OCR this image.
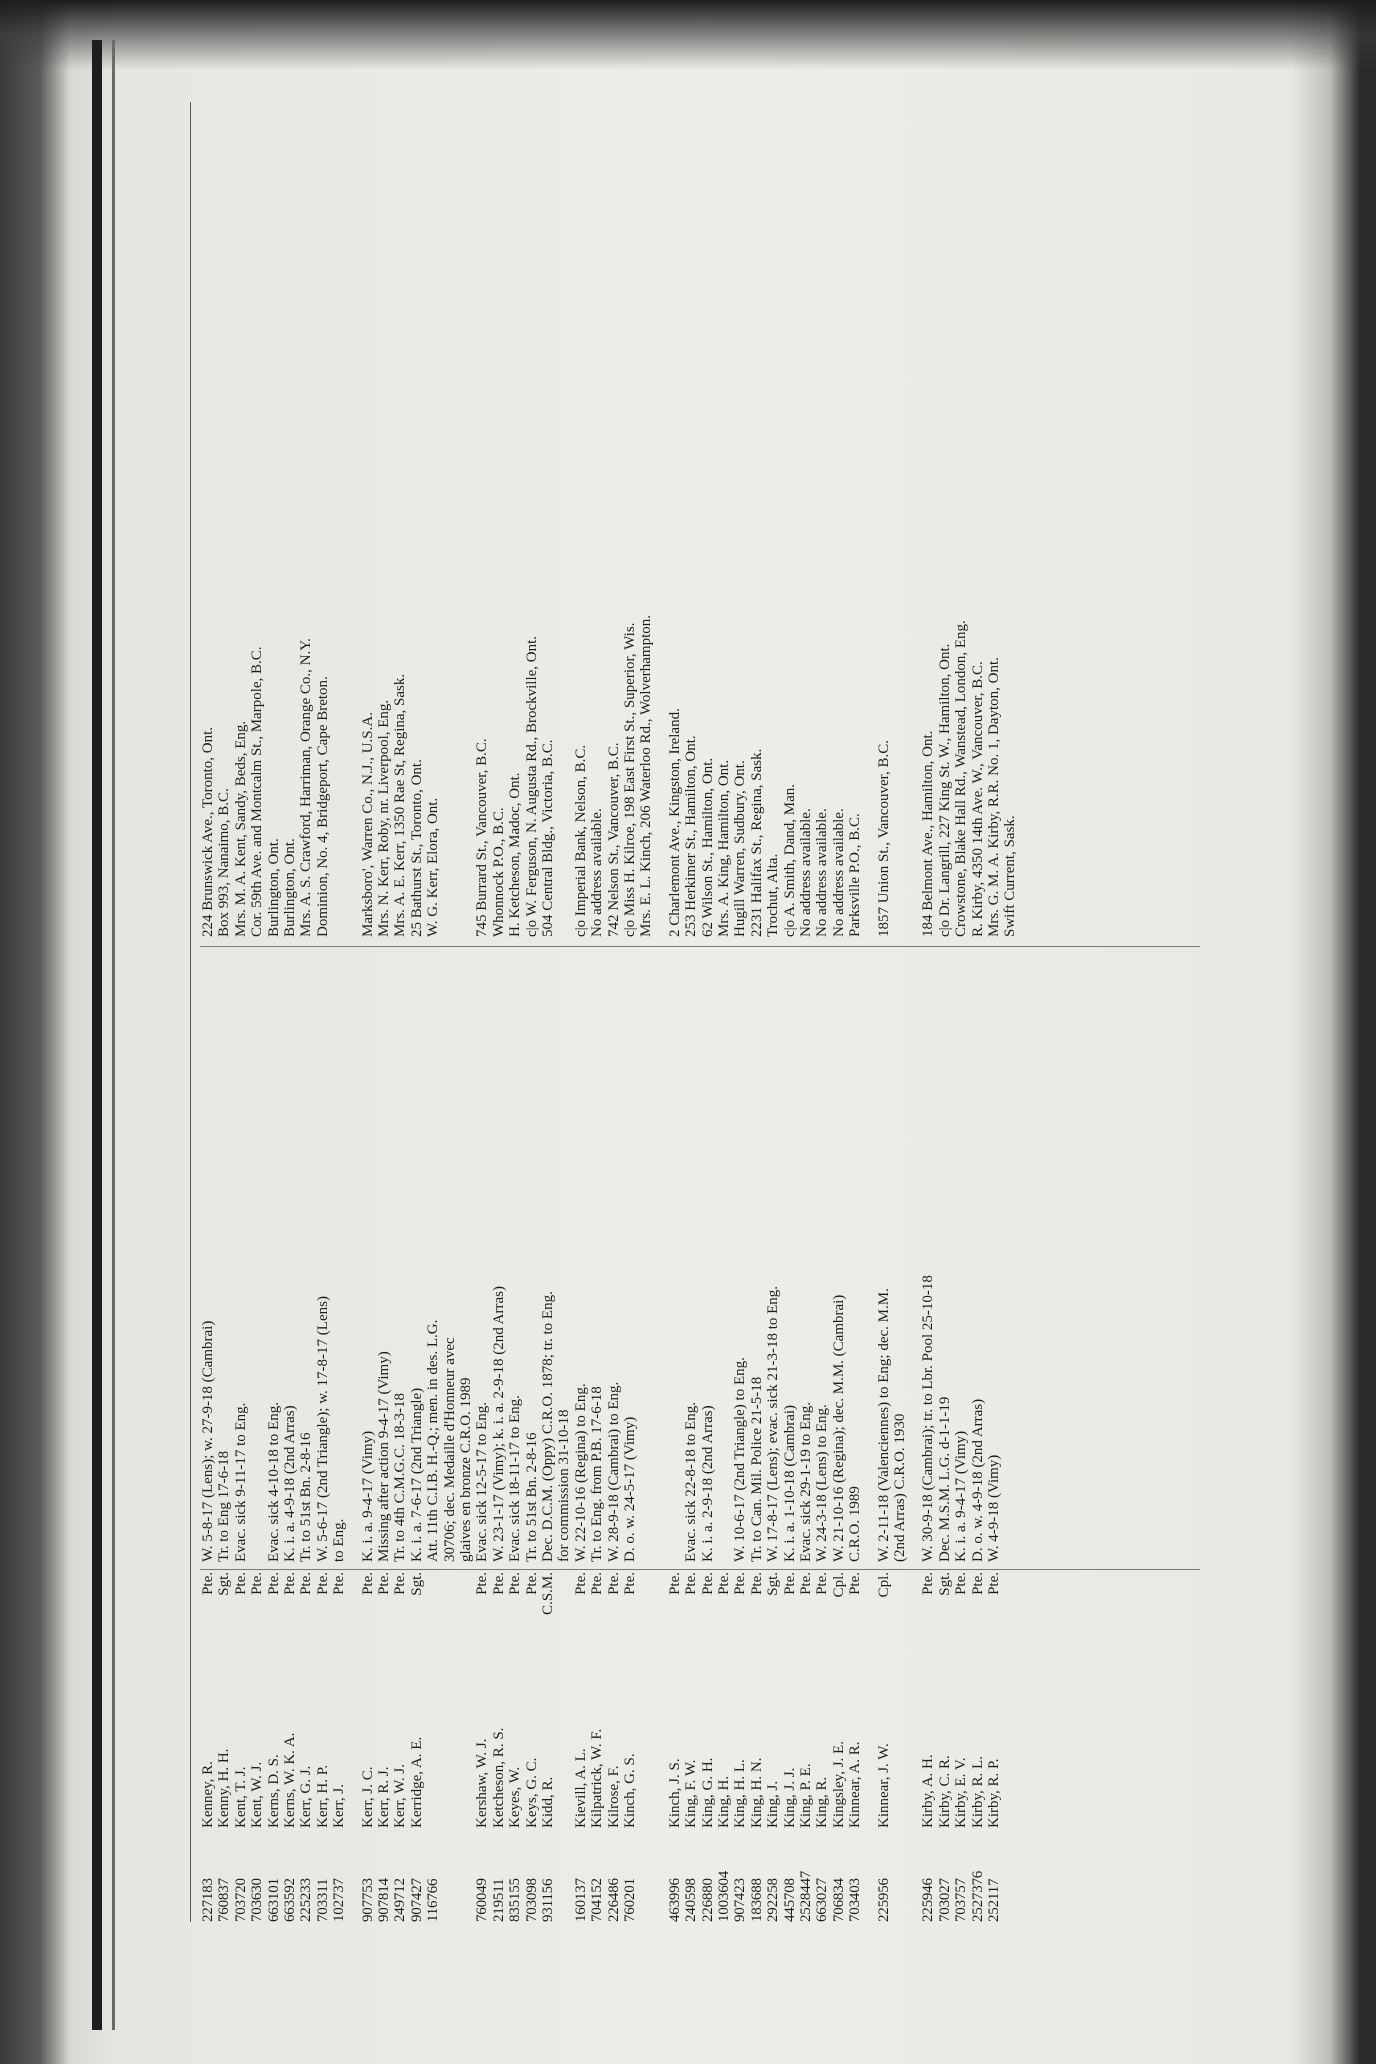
227183
Kenney, R.
Pte.
W. 5-8-17 (Lens); w. 27-9-18 (Cambrai)
224 Brunswick Ave., Toronto, Ont.
760837
Kenny, H. H.
Sgt.
Tr. to Eng 17-6-18
Box 993, Nanaimo, B.C.
703720
Kent, T. J.
Pte.
Evac. sick 9-11-17 to Eng.
Mrs. M. A. Kent, Sandy, Beds, Eng.
703630
Kent, W. J.
Pte.
Cor. 59th Ave. and Montcalm St., Marpole, B.C.
663101
Kerns, D. S.
Pte.
Evac. sick 4-10-18 to Eng.
Burlington, Ont.
663592
Kerns, W. K. A.
Pte.
K. i. a. 4-9-18 (2nd Arras)
Burlington, Ont.
225233
Kerr, G. J.
Pte.
Tr. to 51st Bn. 2-8-16
Mrs. A. S. Crawford, Harriman, Orange Co., N.Y.
703311
Kerr, H. P.
Pte.
W. 5-6-17 (2nd Triangle); w. 17-8-17 (Lens)
Dominion, No. 4, Bridgeport, Cape Breton.
102737
Kerr, J.
Pte.
to Eng.
907753
Kerr, J. C.
Pte.
K. i. a. 9-4-17 (Vimy)
Marksboro', Warren Co., N.J., U.S.A.
907814
Kerr, R. J.
Pte.
Missing after action 9-4-17 (Vimy)
Mrs. N. Kerr, Roby, nr. Liverpool, Eng.
249712
Kerr, W. J.
Pte.
Tr. to 4th C.M.G.C. 18-3-18
Mrs. A. E. Kerr, 1350 Rae St, Regina, Sask.
907427
Kerridge, A. E.
Sgt.
K. i. a. 7-6-17 (2nd Triangle)
25 Bathurst St., Toronto, Ont.
116766
Att. 11th C.I.B. H.-Q.; men. in des. L.G.
W. G. Kerr, Elora, Ont.
30706; dec. Medaille d'Honneur avec glaives en bronze C.R.O. 1989
760049
Kershaw, W. J.
Pte.
Evac. sick 12-5-17 to Eng.
745 Burrard St., Vancouver, B.C.
219511
Ketcheson, R. S.
Pte.
W. 23-1-17 (Vimy); k. i. a. 2-9-18 (2nd Arras)
Whonnock P.O., B.C.
835155
Keyes, W.
Pte.
Evac. sick 18-11-17 to Eng.
H. Ketcheson, Madoc, Ont.
703098
Keys, G. C.
Pte.
Tr. to 51st Bn. 2-8-16
c|o W. Ferguson, N. Augusta Rd., Brockville, Ont.
931156
Kidd, R.
C.S.M.
Dec. D.C.M. (Oppy) C.R.O. 1878; tr. to Eng.
504 Central Bldg., Victoria, B.C.
for commission 31-10-18
160137
Kievill, A. L.
Pte.
W. 22-10-16 (Regina) to Eng.
c|o Imperial Bank, Nelson, B.C.
704152
Kilpatrick, W. F.
Pte.
Tr. to Eng. from P.B. 17-6-18
No address available.
226486
Kilrose, F.
Pte.
W. 28-9-18 (Cambrai) to Eng.
742 Nelson St., Vancouver, B.C.
760201
Kinch, G. S.
Pte.
D. o. w. 24-5-17 (Vimy)
c|o Miss H. Kilroe, 198 East First St., Superior, Wis. Mrs. E. L. Kinch, 206 Waterloo Rd., Wolverhampton.
463996
Kinch, J. S.
Pte.
2 Charlemont Ave., Kingston, Ireland.
240598
King, F. W.
Pte.
Evac. sick 22-8-18 to Eng.
253 Herkimer St., Hamilton, Ont.
226880
King, G. H.
Pte.
K. i. a. 2-9-18 (2nd Arras)
62 Wilson St., Hamilton, Ont.
1003604
King, H.
Pte.
Mrs. A. King, Hamilton, Ont.
907423
King, H. L.
Pte.
W. 10-6-17 (2nd Triangle) to Eng.
Hugill Warren, Sudbury, Ont.
183688
King, H. N.
Pte.
Tr. to Can. Mil. Police 21-5-18
2231 Halifax St., Regina, Sask.
292258
King, J.
Sgt.
W. 17-8-17 (Lens); evac. sick 21-3-18 to Eng.
Trochut, Alta.
445708
King, J. J.
Pte.
K. i. a. 1-10-18 (Cambrai)
c|o A. Smith, Dand, Man.
2528447
King, P. E.
Pte.
Evac. sick 29-1-19 to Eng.
No address available.
663027
King, R.
Pte.
W. 24-3-18 (Lens) to Eng.
No address available.
706834
Kingsley, J. E.
Cpl.
W. 21-10-16 (Regina); dec. M.M. (Cambrai)
No address available.
703403
Kinnear, A. R.
Pte.
C.R.O. 1989
Parksville P.O., B.C.
225956
Kinnear, J. W.
Cpl.
W. 2-11-18 (Valenciennes) to Eng; dec. M.M.
1857 Union St., Vancouver, B.C.
(2nd Arras) C.R.O. 1930
225946
Kirby, A. H.
Pte.
W. 30-9-18 (Cambrai); tr. to Lbr. Pool 25-10-18
184 Belmont Ave., Hamilton, Ont.
703027
Kirby, C. R.
Sgt.
Dec. M.S.M. L.G. d-1-1-19
c|o Dr. Langrill, 227 King St. W., Hamilton, Ont.
703757
Kirby, E. V.
Pte.
K. i. a. 9-4-17 (Vimy)
Crowstone, Blake Hall Rd., Wanstead, London, Eng.
2527376
Kirby, R. L.
Pte.
D. o. w. 4-9-18 (2nd Arras)
R. Kirby, 4350 14th Ave. W., Vancouver, B.C.
252117
Kirby, R. P.
Pte.
W. 4-9-18 (Vimy)
Mrs. G. M. A. Kirby, R.R. No. 1, Dayton, Ont. Swift Current, Sask.
